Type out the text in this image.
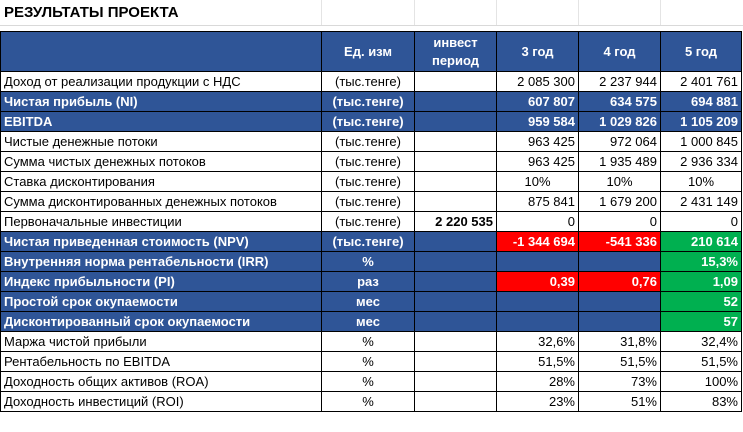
РЕЗУЛЬТАТЫ ПРОЕКТА
	Ед. изм	инвест период	3 год	4 год	5 год
Доход от реализации продукции с НДС	(тыс.тенге)		2 085 300	2 237 944	2 401 761
Чистая прибыль (NI)	(тыс.тенге)		607 807	634 575	694 881
EBITDA	(тыс.тенге)		959 584	1 029 826	1 105 209
Чистые денежные потоки	(тыс.тенге)		963 425	972 064	1 000 845
Сумма чистых денежных потоков	(тыс.тенге)		963 425	1 935 489	2 936 334
Ставка дисконтирования	(тыс.тенге)		10%	10%	10%
Сумма дисконтированных денежных потоков	(тыс.тенге)		875 841	1 679 200	2 431 149
Первоначальные инвестиции	(тыс.тенге)	2 220 535	0	0	0
Чистая приведенная стоимость (NPV)	(тыс.тенге)		-1 344 694	-541 336	210 614
Внутренняя норма рентабельности (IRR)	%				15,3%
Индекс прибыльности (PI)	раз		0,39	0,76	1,09
Простой срок окупаемости	мес				52
Дисконтированный срок окупаемости	мес				57
Маржа чистой прибыли	%		32,6%	31,8%	32,4%
Рентабельность по EBITDA	%		51,5%	51,5%	51,5%
Доходность общих активов (ROA)	%		28%	73%	100%
Доходность инвестиций (ROI)	%		23%	51%	83%
